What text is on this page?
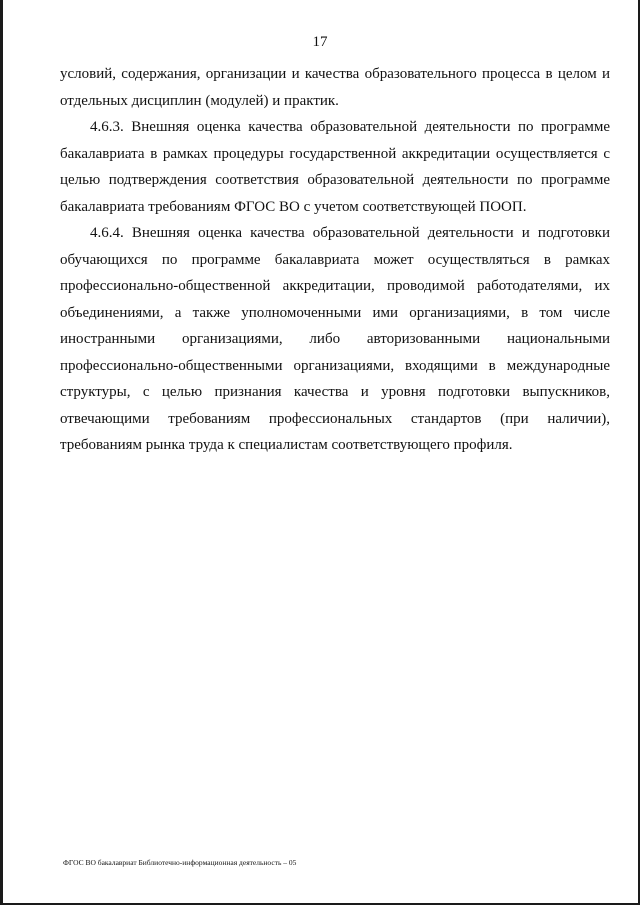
17

условий, содержания, организации и качества образовательного процесса в целом и отдельных дисциплин (модулей) и практик.

4.6.3. Внешняя оценка качества образовательной деятельности по программе бакалавриата в рамках процедуры государственной аккредитации осуществляется с целью подтверждения соответствия образовательной деятельности по программе бакалавриата требованиям ФГОС ВО с учетом соответствующей ПООП.

4.6.4. Внешняя оценка качества образовательной деятельности и подготовки обучающихся по программе бакалавриата может осуществляться в рамках профессионально-общественной аккредитации, проводимой работодателями, их объединениями, а также уполномоченными ими организациями, в том числе иностранными организациями, либо авторизованными национальными профессионально-общественными организациями, входящими в международные структуры, с целью признания качества и уровня подготовки выпускников, отвечающими требованиям профессиональных стандартов (при наличии), требованиям рынка труда к специалистам соответствующего профиля.

ФГОС ВО бакалавриат Библиотечно-информационная деятельность – 05
